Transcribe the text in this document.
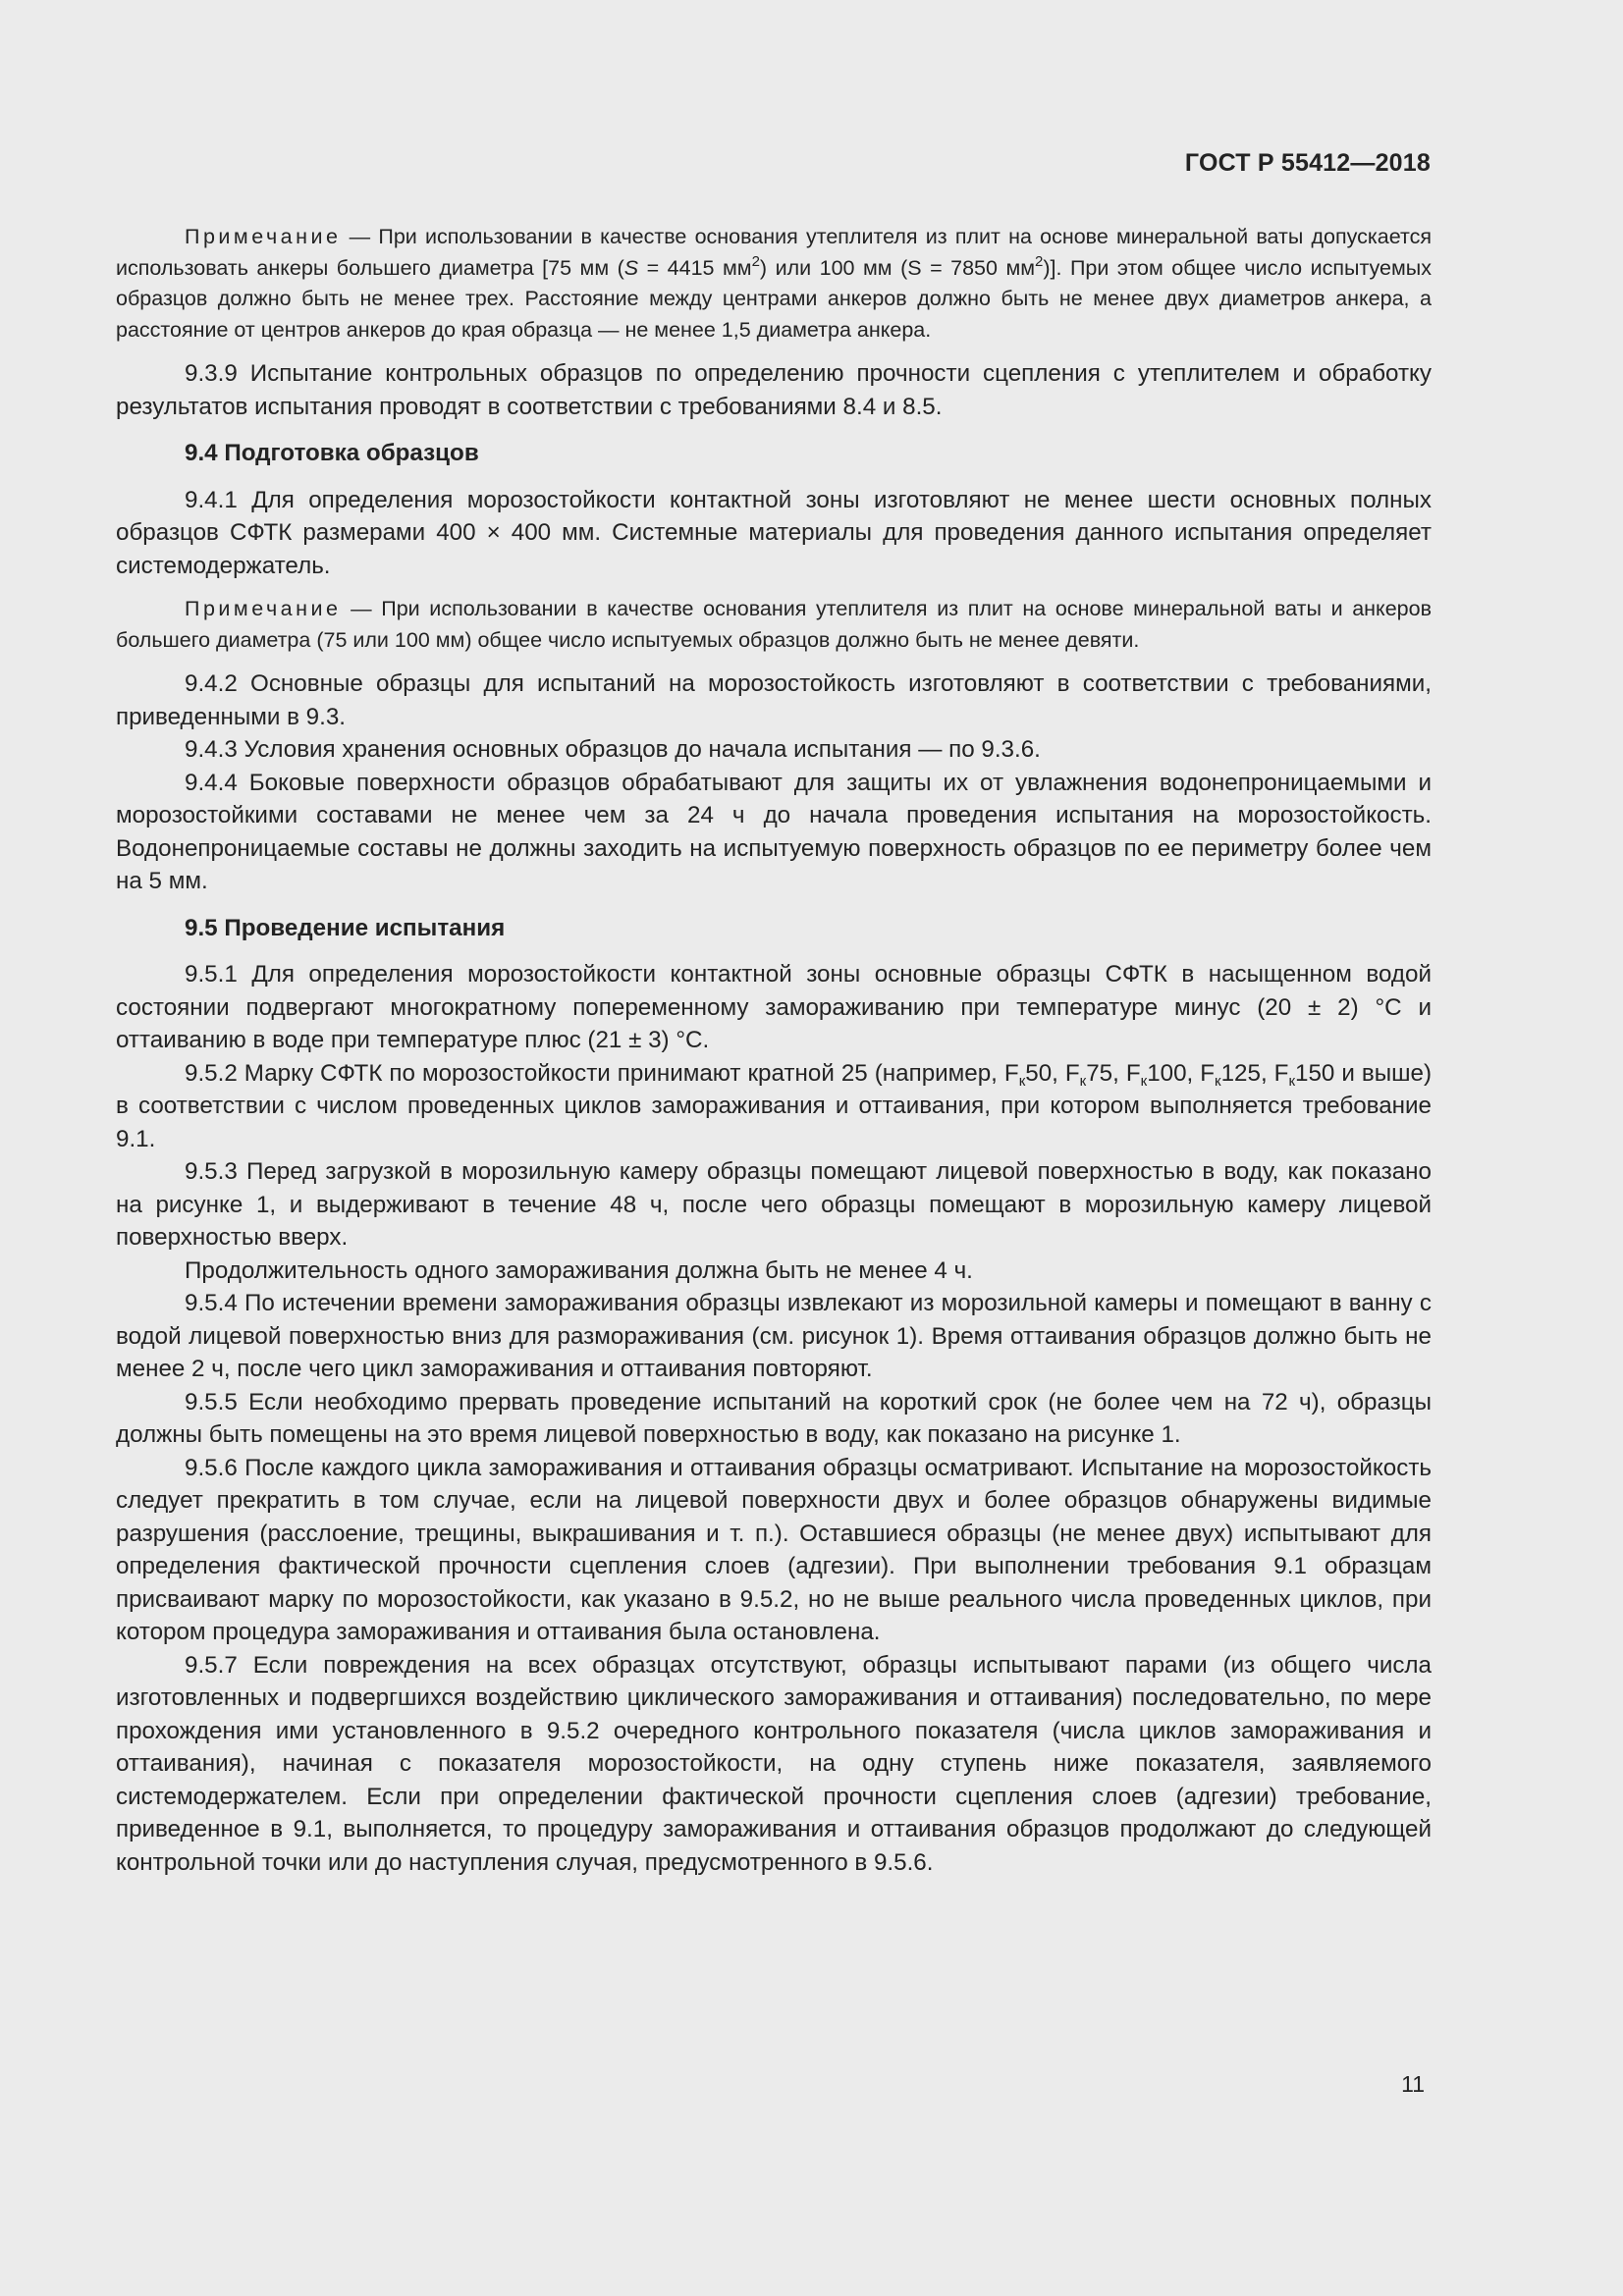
ГОСТ Р 55412—2018

Примечание — При использовании в качестве основания утеплителя из плит на основе минеральной ваты допускается использовать анкеры большего диаметра [75 мм (S = 4415 $мм^2$) или 100 мм (S = 7850 $мм^2$)]. При этом общее число испытуемых образцов должно быть не менее трех. Расстояние между центрами анкеров должно быть не менее двух диаметров анкера, а расстояние от центров анкеров до края образца — не менее 1,5 диаметра анкера.

9.3.9 Испытание контрольных образцов по определению прочности сцепления с утеплителем и обработку результатов испытания проводят в соответствии с требованиями 8.4 и 8.5.

9.4 Подготовка образцов

9.4.1 Для определения морозостойкости контактной зоны изготовляют не менее шести основных полных образцов СФТК размерами 400 × 400 мм. Системные материалы для проведения данного испытания определяет системодержатель.

Примечание — При использовании в качестве основания утеплителя из плит на основе минеральной ваты и анкеров большего диаметра (75 или 100 мм) общее число испытуемых образцов должно быть не менее девяти.

9.4.2 Основные образцы для испытаний на морозостойкость изготовляют в соответствии с требованиями, приведенными в 9.3.

9.4.3 Условия хранения основных образцов до начала испытания — по 9.3.6.

9.4.4 Боковые поверхности образцов обрабатывают для защиты их от увлажнения водонепроницаемыми и морозостойкими составами не менее чем за 24 ч до начала проведения испытания на морозостойкость. Водонепроницаемые составы не должны заходить на испытуемую поверхность образцов по ее периметру более чем на 5 мм.

9.5 Проведение испытания

9.5.1 Для определения морозостойкости контактной зоны основные образцы СФТК в насыщенном водой состоянии подвергают многократному попеременному замораживанию при температуре минус (20 ± 2) °С и оттаиванию в воде при температуре плюс (21 ± 3) °С.

9.5.2 Марку СФТК по морозостойкости принимают кратной 25 (например, $F_к50$, $F_к75$, $F_к100$, $F_к125$, $F_к150$ и выше) в соответствии с числом проведенных циклов замораживания и оттаивания, при котором выполняется требование 9.1.

9.5.3 Перед загрузкой в морозильную камеру образцы помещают лицевой поверхностью в воду, как показано на рисунке 1, и выдерживают в течение 48 ч, после чего образцы помещают в морозильную камеру лицевой поверхностью вверх.

Продолжительность одного замораживания должна быть не менее 4 ч.

9.5.4 По истечении времени замораживания образцы извлекают из морозильной камеры и помещают в ванну с водой лицевой поверхностью вниз для размораживания (см. рисунок 1). Время оттаивания образцов должно быть не менее 2 ч, после чего цикл замораживания и оттаивания повторяют.

9.5.5 Если необходимо прервать проведение испытаний на короткий срок (не более чем на 72 ч), образцы должны быть помещены на это время лицевой поверхностью в воду, как показано на рисунке 1.

9.5.6 После каждого цикла замораживания и оттаивания образцы осматривают. Испытание на морозостойкость следует прекратить в том случае, если на лицевой поверхности двух и более образцов обнаружены видимые разрушения (расслоение, трещины, выкрашивания и т. п.). Оставшиеся образцы (не менее двух) испытывают для определения фактической прочности сцепления слоев (адгезии). При выполнении требования 9.1 образцам присваивают марку по морозостойкости, как указано в 9.5.2, но не выше реального числа проведенных циклов, при котором процедура замораживания и оттаивания была остановлена.

9.5.7 Если повреждения на всех образцах отсутствуют, образцы испытывают парами (из общего числа изготовленных и подвергшихся воздействию циклического замораживания и оттаивания) последовательно, по мере прохождения ими установленного в 9.5.2 очередного контрольного показателя (числа циклов замораживания и оттаивания), начиная с показателя морозостойкости, на одну ступень ниже показателя, заявляемого системодержателем. Если при определении фактической прочности сцепления слоев (адгезии) требование, приведенное в 9.1, выполняется, то процедуру замораживания и оттаивания образцов продолжают до следующей контрольной точки или до наступления случая, предусмотренного в 9.5.6.

11
